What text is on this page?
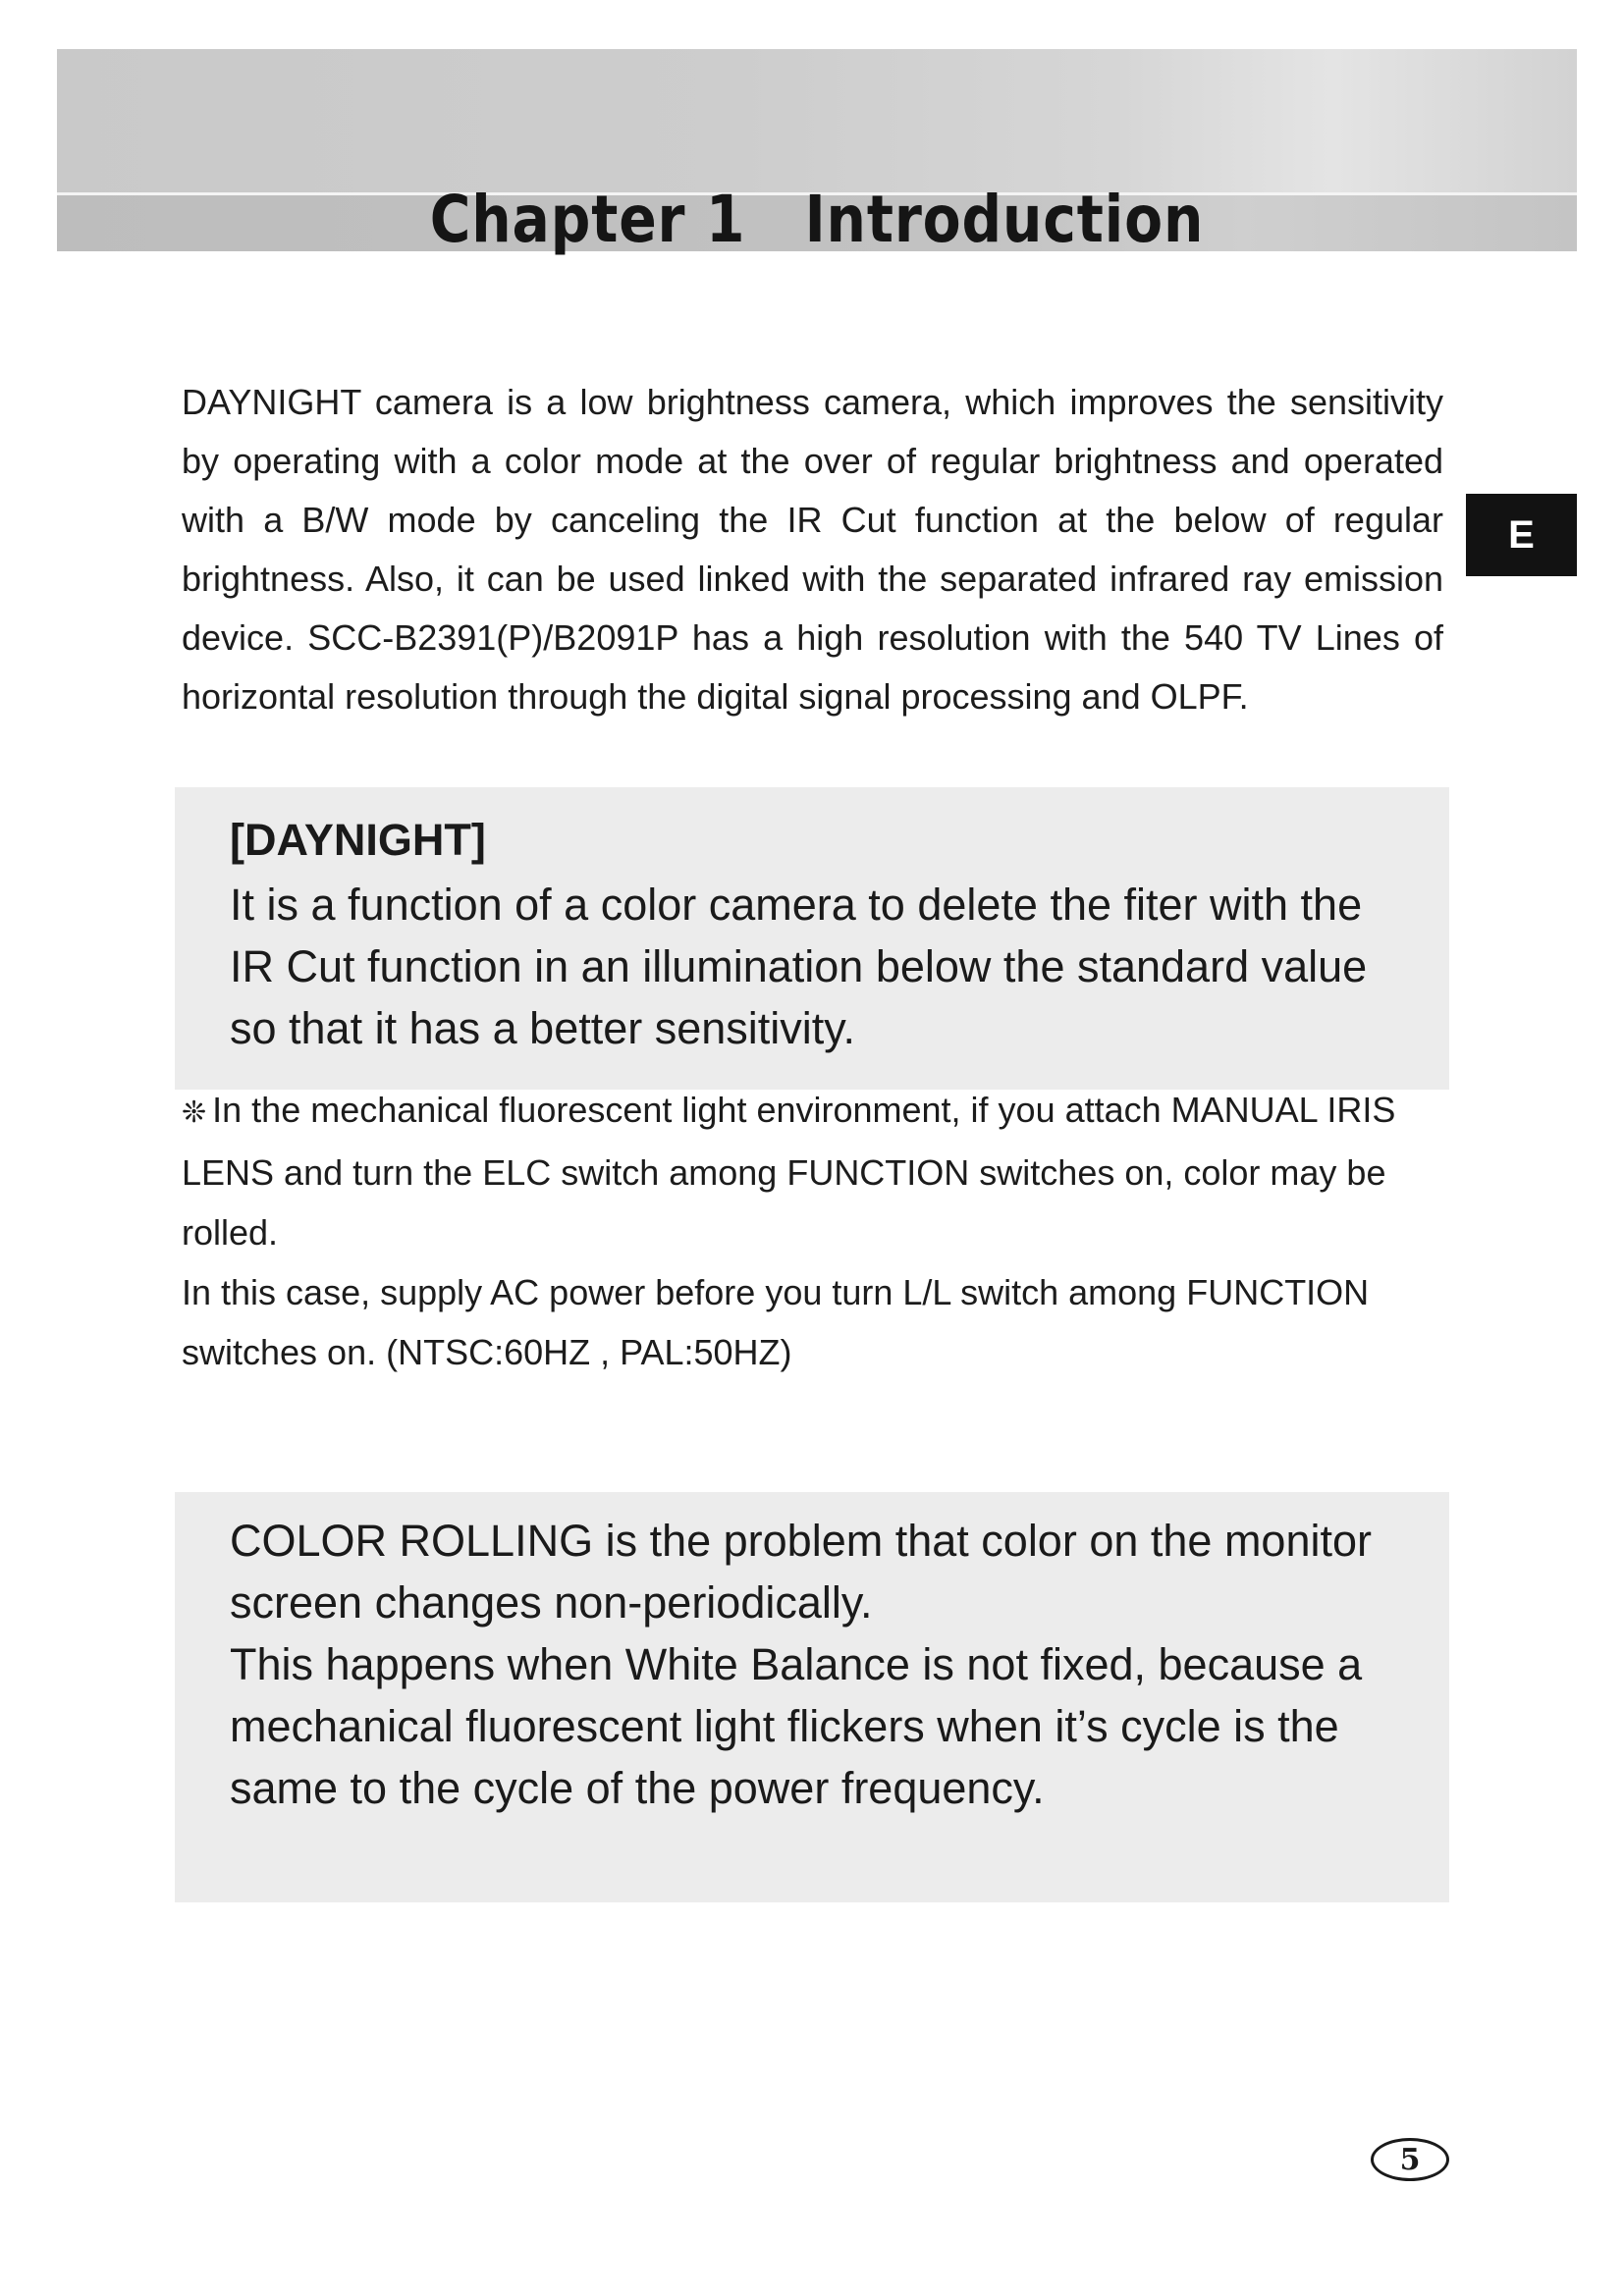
Chapter 1 Introduction
E
DAYNIGHT camera is a low brightness camera, which improves the sensitivity by operating with a color mode at the over of regular brightness and operated with a B/W mode by canceling the IR Cut function at the below of regular brightness. Also, it can be used linked with the separated infrared ray emission device. SCC-B2391(P)/B2091P has a high resolution with the 540 TV Lines of horizontal resolution through the digital signal processing and OLPF.
[DAYNIGHT]
It is a function of a color camera to delete the fiter with the IR Cut function in an illumination below the standard value so that it has a better sensitivity.

❊ In the mechanical fluorescent light environment, if you attach MANUAL IRIS LENS and turn the ELC switch among FUNCTION switches on, color may be rolled.

In this case, supply AC power before you turn L/L switch among FUNCTION switches on. (NTSC:60HZ , PAL:50HZ)

COLOR ROLLING is the problem that color on the monitor screen changes non-periodically.

This happens when White Balance is not fixed, because a mechanical fluorescent light flickers when it’s cycle is the same to the cycle of the power frequency.

5
